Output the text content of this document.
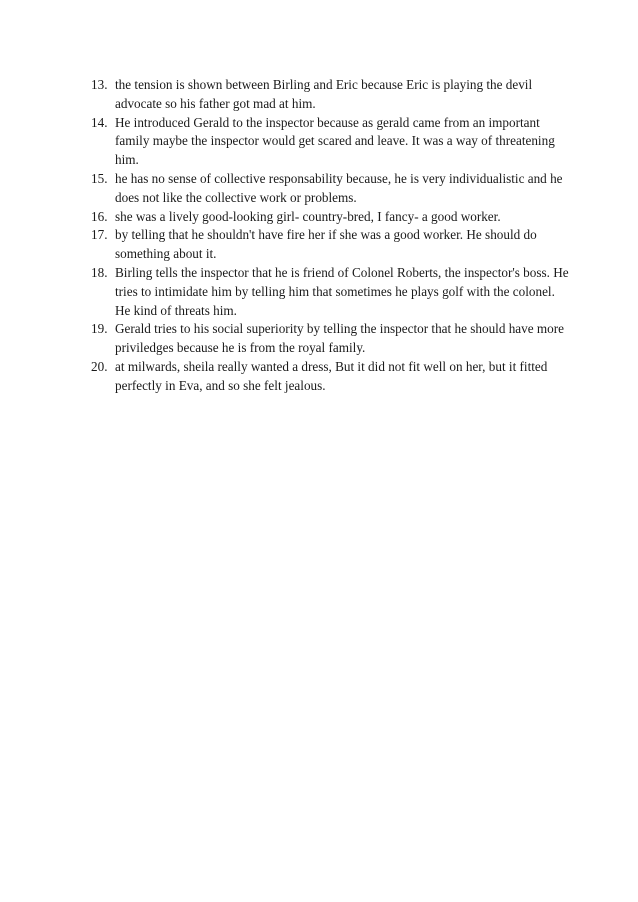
13. the tension is shown between Birling and Eric because Eric is playing the devil
advocate so his father got mad at him.
14. He introduced Gerald to the inspector because as gerald came from an important
family maybe the inspector would get scared and leave. It was a way of threatening
him.
15. he has no sense of collective responsability because, he is very individualistic and he
does not like the collective work or problems.
16. she was a lively good-looking girl- country-bred, I fancy- a good worker.
17. by telling that he shouldn't have fire her if she was a good worker. He should do
something about it.
18. Birling tells the inspector that he is friend of Colonel Roberts, the inspector's boss. He
tries to intimidate him by telling him that sometimes he plays golf with the colonel.
He kind of threats him.
19. Gerald tries to his social superiority by telling the inspector that he should have more
priviledges because he is from the royal family.
20. at milwards, sheila really wanted a dress, But it did not fit well on her, but it fitted
perfectly in Eva, and so she felt jealous.
